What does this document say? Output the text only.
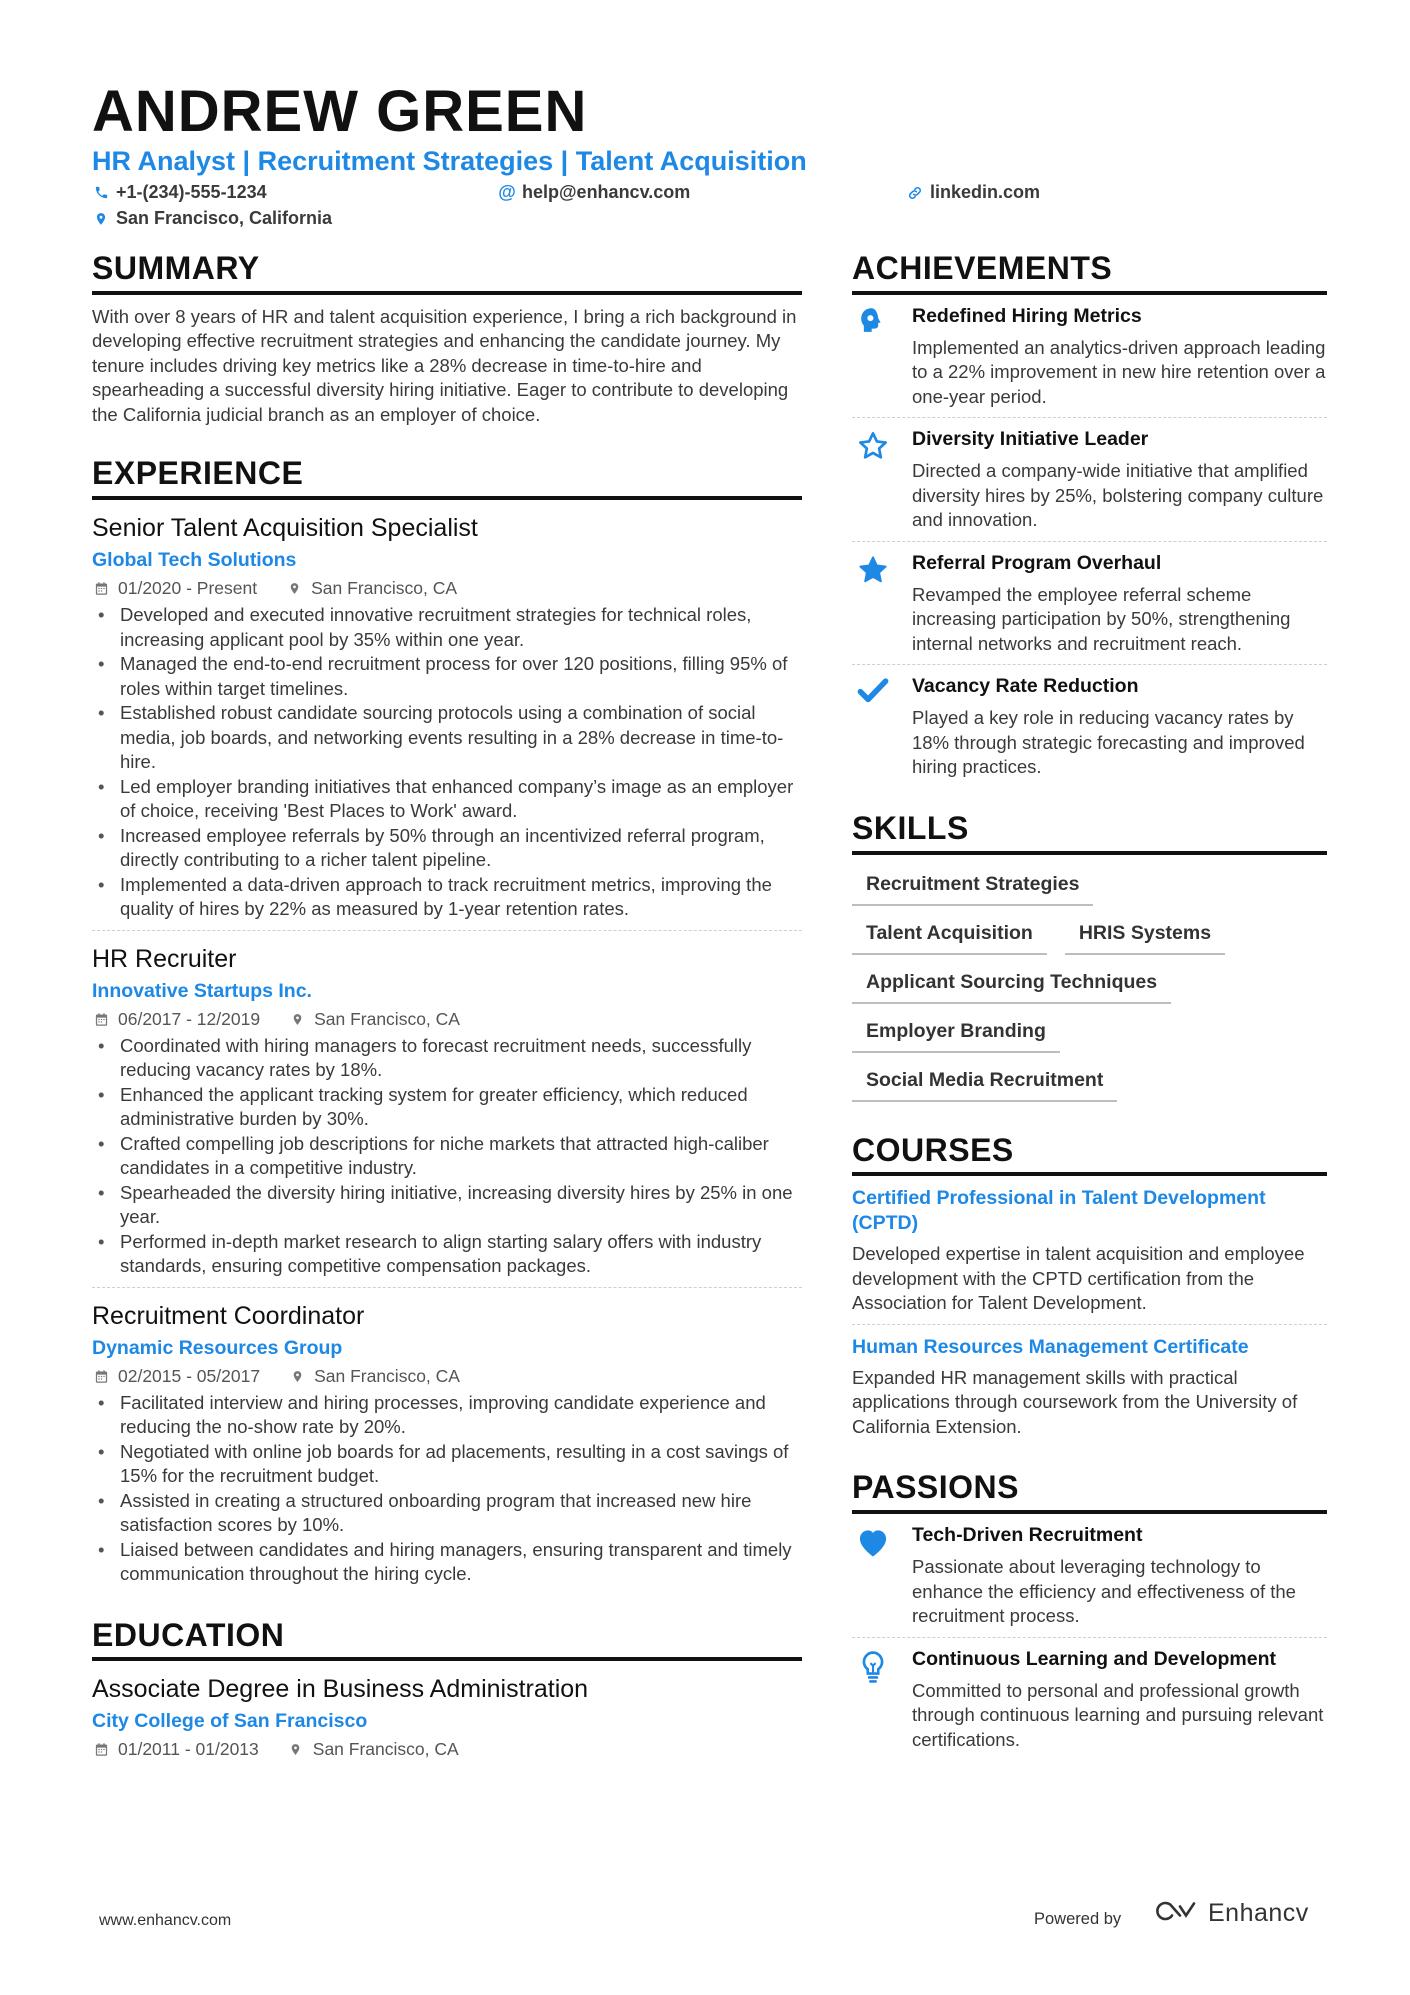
ANDREW GREEN
HR Analyst | Recruitment Strategies | Talent Acquisition
+1-(234)-555-1234	@ help@enhancv.com	linkedin.com
San Francisco, California
SUMMARY

With over 8 years of HR and talent acquisition experience, I bring a rich background in developing effective recruitment strategies and enhancing the candidate journey. My tenure includes driving key metrics like a 28% decrease in time-to-hire and spearheading a successful diversity hiring initiative. Eager to contribute to developing the California judicial branch as an employer of choice.

EXPERIENCE
Senior Talent Acquisition Specialist
Global Tech Solutions
01/2020 - Present	San Francisco, CA
• Developed and executed innovative recruitment strategies for technical roles, increasing applicant pool by 35% within one year.
• Managed the end-to-end recruitment process for over 120 positions, filling 95% of roles within target timelines.
• Established robust candidate sourcing protocols using a combination of social media, job boards, and networking events resulting in a 28% decrease in time-to-hire.
• Led employer branding initiatives that enhanced company’s image as an employer of choice, receiving 'Best Places to Work' award.
• Increased employee referrals by 50% through an incentivized referral program, directly contributing to a richer talent pipeline.
• Implemented a data-driven approach to track recruitment metrics, improving the quality of hires by 22% as measured by 1-year retention rates.
HR Recruiter
Innovative Startups Inc.
06/2017 - 12/2019	San Francisco, CA
• Coordinated with hiring managers to forecast recruitment needs, successfully reducing vacancy rates by 18%.
• Enhanced the applicant tracking system for greater efficiency, which reduced administrative burden by 30%.
• Crafted compelling job descriptions for niche markets that attracted high-caliber candidates in a competitive industry.
• Spearheaded the diversity hiring initiative, increasing diversity hires by 25% in one year.
• Performed in-depth market research to align starting salary offers with industry standards, ensuring competitive compensation packages.
Recruitment Coordinator
Dynamic Resources Group
02/2015 - 05/2017	San Francisco, CA
• Facilitated interview and hiring processes, improving candidate experience and reducing the no-show rate by 20%.
• Negotiated with online job boards for ad placements, resulting in a cost savings of 15% for the recruitment budget.
• Assisted in creating a structured onboarding program that increased new hire satisfaction scores by 10%.
• Liaised between candidates and hiring managers, ensuring transparent and timely communication throughout the hiring cycle.
EDUCATION
Associate Degree in Business Administration
City College of San Francisco
01/2011 - 01/2013	San Francisco, CA
ACHIEVEMENTS
Redefined Hiring Metrics

Implemented an analytics-driven approach leading to a 22% improvement in new hire retention over a one-year period.

Diversity Initiative Leader

Directed a company-wide initiative that amplified diversity hires by 25%, bolstering company culture and innovation.

Referral Program Overhaul

Revamped the employee referral scheme increasing participation by 50%, strengthening internal networks and recruitment reach.

Vacancy Rate Reduction

Played a key role in reducing vacancy rates by 18% through strategic forecasting and improved hiring practices.

SKILLS
Recruitment Strategies
Talent Acquisition	HRIS Systems
Applicant Sourcing Techniques
Employer Branding
Social Media Recruitment
COURSES
Certified Professional in Talent Development (CPTD)

Developed expertise in talent acquisition and employee development with the CPTD certification from the Association for Talent Development.

Human Resources Management Certificate

Expanded HR management skills with practical applications through coursework from the University of California Extension.

PASSIONS
Tech-Driven Recruitment

Passionate about leveraging technology to enhance the efficiency and effectiveness of the recruitment process.

Continuous Learning and Development

Committed to personal and professional growth through continuous learning and pursuing relevant certifications.

www.enhancv.com	Powered by	Enhancv
